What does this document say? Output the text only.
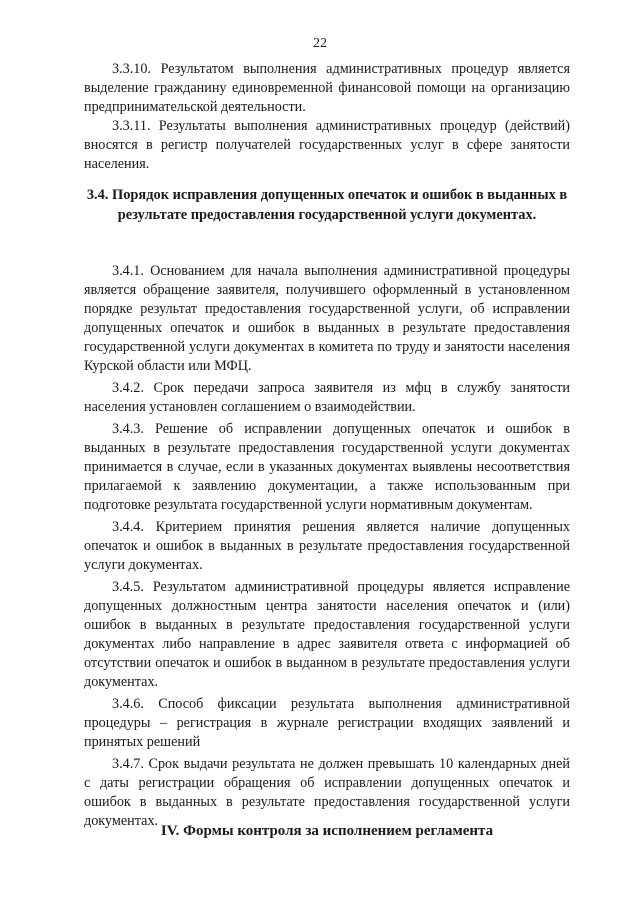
22

3.3.10. Результатом выполнения административных процедур является выделение гражданину единовременной финансовой помощи на организацию предпринимательской деятельности.

3.3.11. Результаты выполнения административных процедур (действий) вносятся в регистр получателей государственных услуг в сфере занятости населения.

3.4. Порядок исправления допущенных опечаток и ошибок в выданных в результате предоставления государственной услуги документах.

3.4.1. Основанием для начала выполнения административной процедуры является обращение заявителя, получившего оформленный в установленном порядке результат предоставления государственной услуги, об исправлении допущенных опечаток и ошибок в выданных в результате предоставления государственной услуги документах в комитета по труду и занятости населения Курской области или МФЦ.

3.4.2. Срок передачи запроса заявителя из мфц в службу занятости населения установлен соглашением о взаимодействии.

3.4.3. Решение об исправлении допущенных опечаток и ошибок в выданных в результате предоставления государственной услуги документах принимается в случае, если в указанных документах выявлены несоответствия прилагаемой к заявлению документации, а также использованным при подготовке результата государственной услуги нормативным документам.

3.4.4. Критерием принятия решения является наличие допущенных опечаток и ошибок в выданных в результате предоставления государственной услуги документах.

3.4.5. Результатом административной процедуры является исправление допущенных должностным центра занятости населения опечаток и (или) ошибок в выданных в результате предоставления государственной услуги документах либо направление в адрес заявителя ответа с информацией об отсутствии опечаток и ошибок в выданном в результате предоставления услуги документах.

3.4.6. Способ фиксации результата выполнения административной процедуры – регистрация в журнале регистрации входящих заявлений и принятых решений

3.4.7. Срок выдачи результата не должен превышать 10 календарных дней с даты регистрации обращения об исправлении допущенных опечаток и ошибок в выданных в результате предоставления государственной услуги документах.

IV. Формы контроля за исполнением регламента
